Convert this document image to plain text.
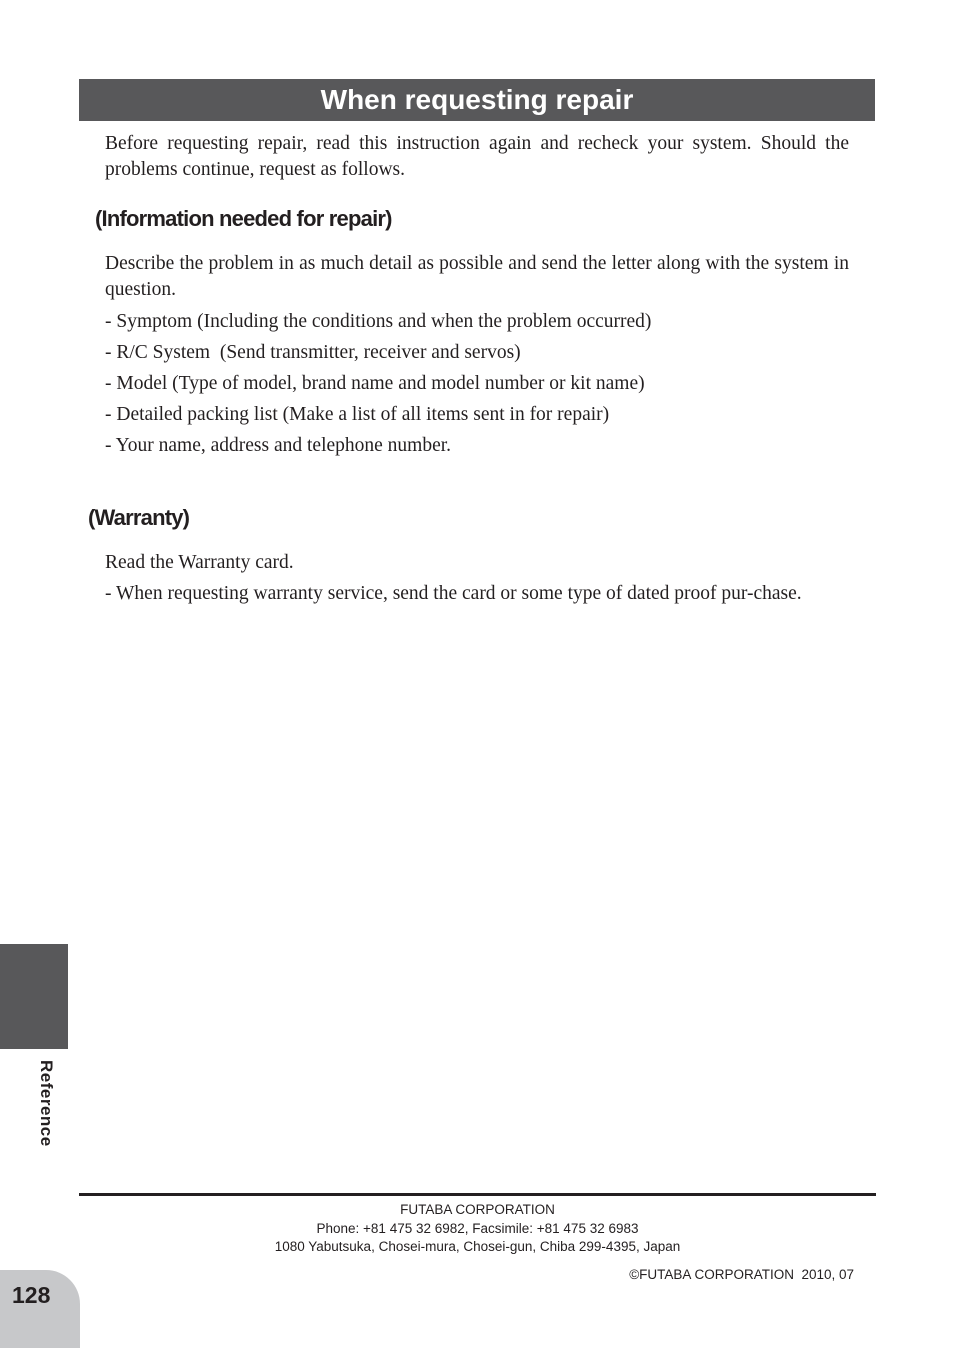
When requesting repair

Before requesting repair, read this instruction again and recheck your system. Should the problems continue, request as follows.

(Information needed for repair)

Describe the problem in as much detail as possible and send the letter along with the system in question.

- Symptom (Including the conditions and when the problem occurred)

- R/C System  (Send transmitter, receiver and servos)

- Model (Type of model, brand name and model number or kit name)

- Detailed packing list (Make a list of all items sent in for repair)

- Your name, address and telephone number.

(Warranty)

Read the Warranty card.

- When requesting warranty service, send the card or some type of dated proof pur-chase.

Reference

FUTABA CORPORATION

Phone: +81 475 32 6982, Facsimile: +81 475 32 6983

1080 Yabutsuka, Chosei-mura, Chosei-gun, Chiba 299-4395, Japan

©FUTABA CORPORATION  2010, 07

128
